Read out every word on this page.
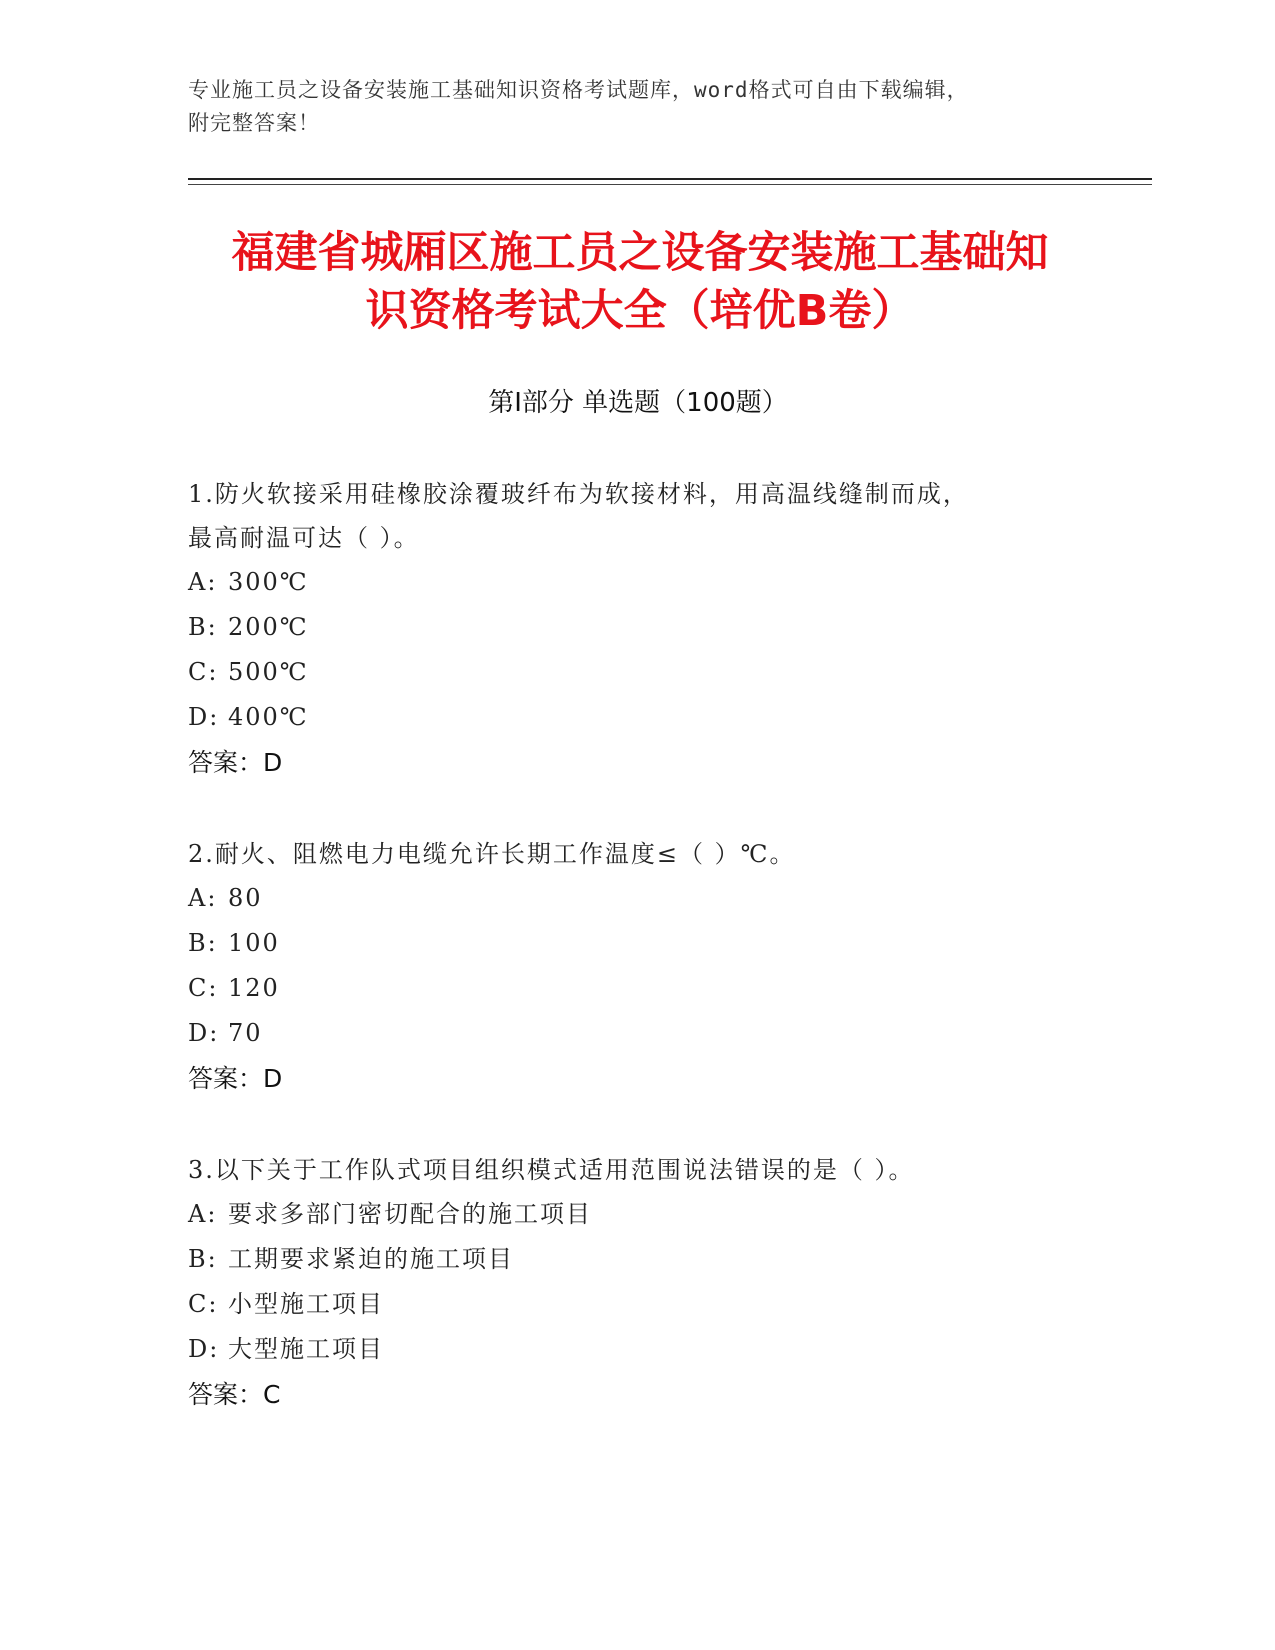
专业施工员之设备安装施工基础知识资格考试题库，word格式可自由下载编辑，
附完整答案！
福建省城厢区施工员之设备安装施工基础知
识资格考试大全（培优B卷）
第Ⅰ部分 单选题（100题）
1.防火软接采用硅橡胶涂覆玻纤布为软接材料，用高温线缝制而成，
最高耐温可达（ ）。
A: 300℃
B: 200℃
C: 500℃
D: 400℃
答案：D
2.耐火、阻燃电力电缆允许长期工作温度≤（ ）℃。
A: 80
B: 100
C: 120
D: 70
答案：D
3.以下关于工作队式项目组织模式适用范围说法错误的是（ ）。
A: 要求多部门密切配合的施工项目
B: 工期要求紧迫的施工项目
C: 小型施工项目
D: 大型施工项目
答案：C
